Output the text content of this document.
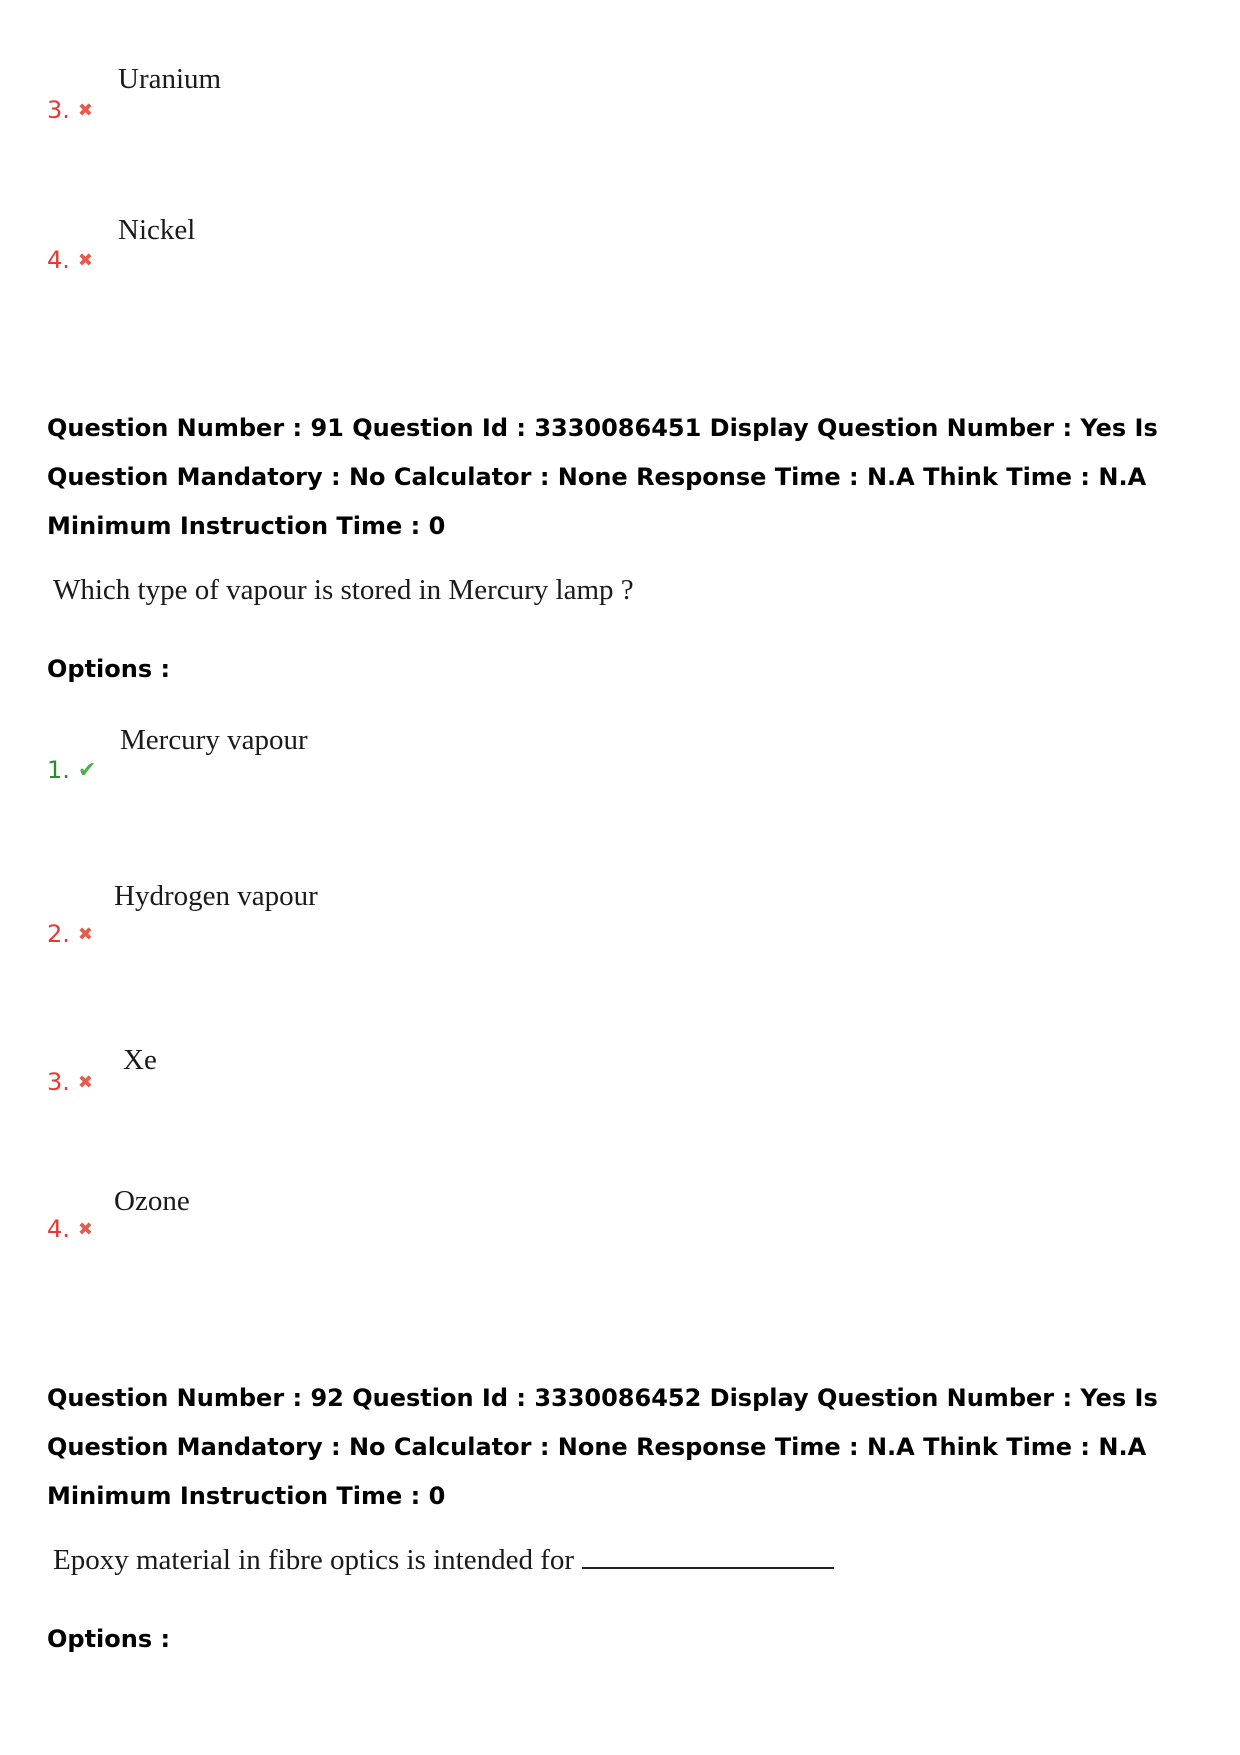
Uranium
3. ✖
Nickel
4. ✖
Question Number : 91 Question Id : 3330086451 Display Question Number : Yes Is Question Mandatory : No Calculator : None Response Time : N.A Think Time : N.A Minimum Instruction Time : 0
Which type of vapour is stored in Mercury lamp ?
Options :
Mercury vapour
1. ✔
Hydrogen vapour
2. ✖
Xe
3. ✖
Ozone
4. ✖
Question Number : 92 Question Id : 3330086452 Display Question Number : Yes Is Question Mandatory : No Calculator : None Response Time : N.A Think Time : N.A Minimum Instruction Time : 0
Epoxy material in fibre optics is intended for
Options :
